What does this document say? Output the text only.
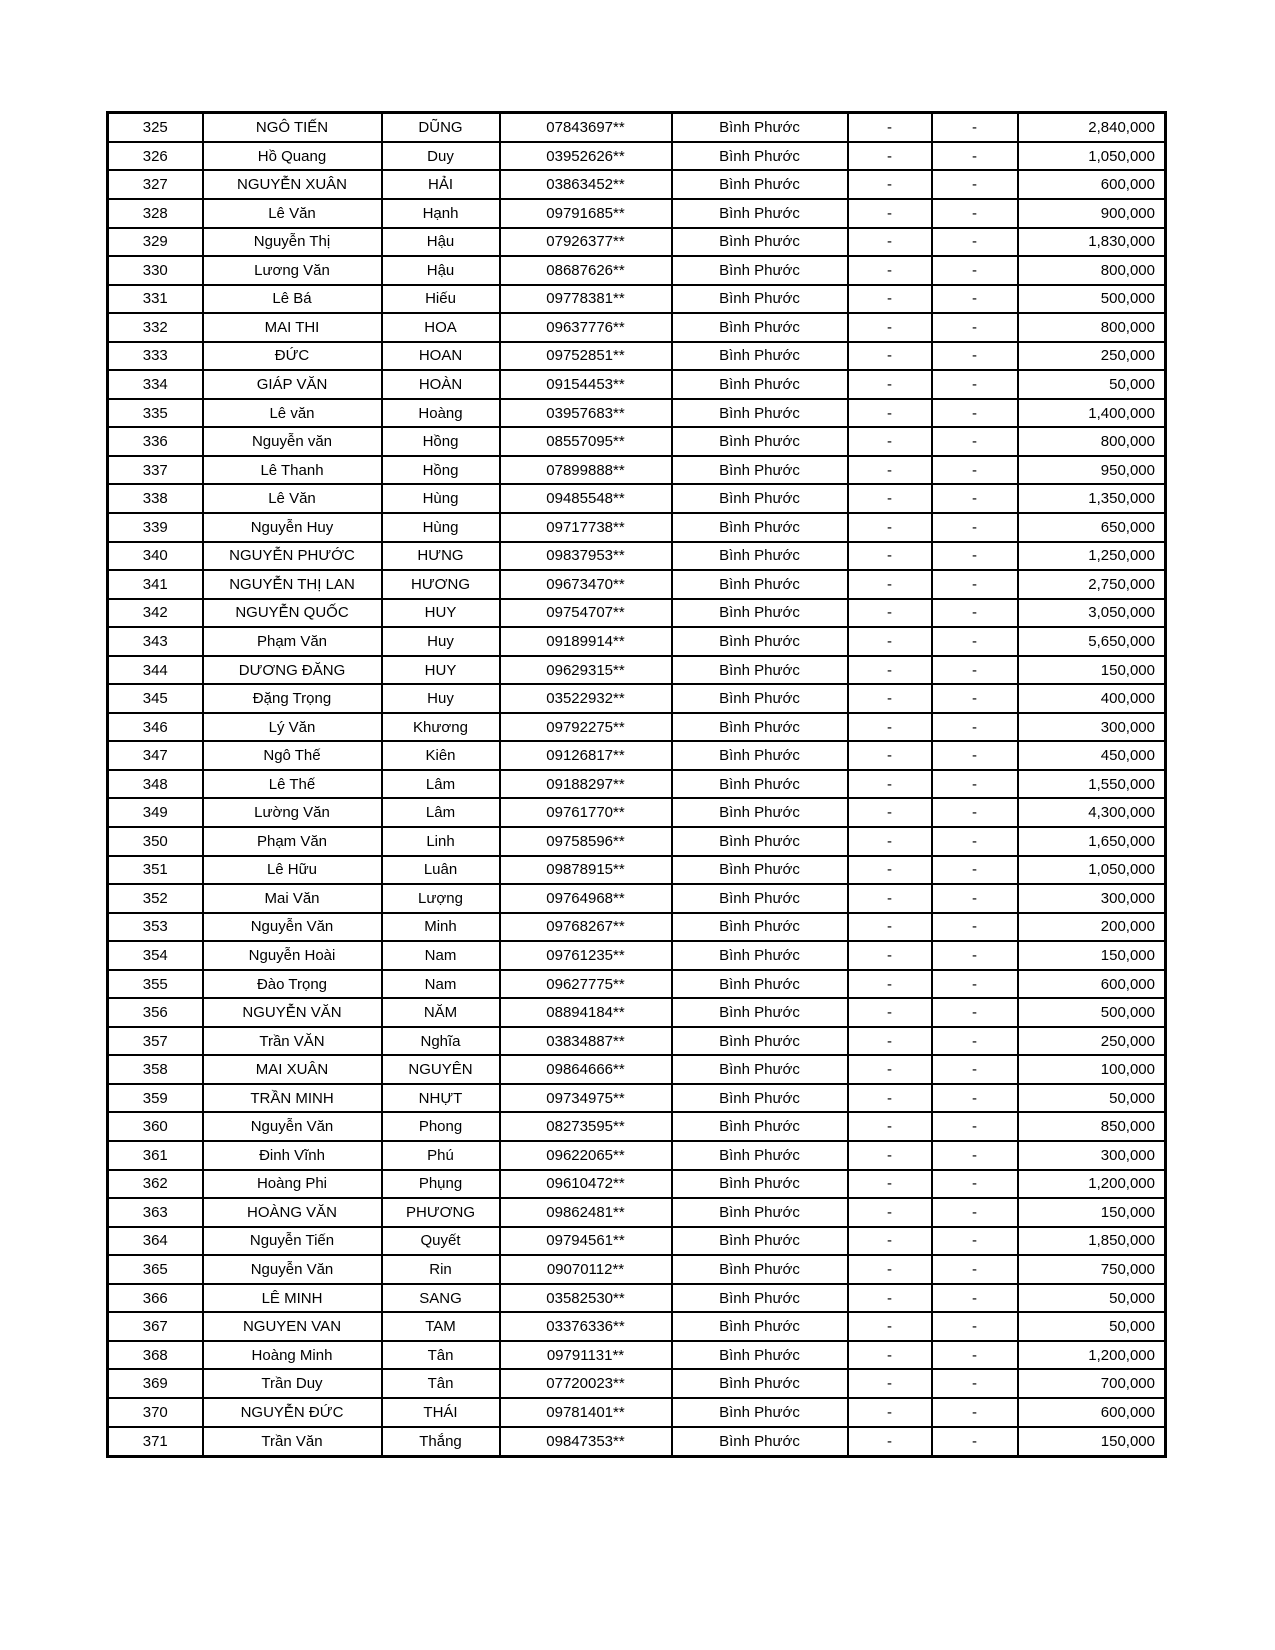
325	NGÔ TIẾN	DŨNG	07843697**	Bình Phước	-	-	2,840,000
326	Hồ Quang	Duy	03952626**	Bình Phước	-	-	1,050,000
327	NGUYỄN XUÂN	HẢI	03863452**	Bình Phước	-	-	600,000
328	Lê Văn	Hạnh	09791685**	Bình Phước	-	-	900,000
329	Nguyễn Thị	Hậu	07926377**	Bình Phước	-	-	1,830,000
330	Lương Văn	Hậu	08687626**	Bình Phước	-	-	800,000
331	Lê Bá	Hiếu	09778381**	Bình Phước	-	-	500,000
332	MAI THI	HOA	09637776**	Bình Phước	-	-	800,000
333	ĐỨC	HOAN	09752851**	Bình Phước	-	-	250,000
334	GIÁP VĂN	HOÀN	09154453**	Bình Phước	-	-	50,000
335	Lê văn	Hoàng	03957683**	Bình Phước	-	-	1,400,000
336	Nguyễn văn	Hồng	08557095**	Bình Phước	-	-	800,000
337	Lê Thanh	Hồng	07899888**	Bình Phước	-	-	950,000
338	Lê Văn	Hùng	09485548**	Bình Phước	-	-	1,350,000
339	Nguyễn Huy	Hùng	09717738**	Bình Phước	-	-	650,000
340	NGUYỄN PHƯỚC	HƯNG	09837953**	Bình Phước	-	-	1,250,000
341	NGUYỄN THỊ LAN	HƯƠNG	09673470**	Bình Phước	-	-	2,750,000
342	NGUYỄN QUỐC	HUY	09754707**	Bình Phước	-	-	3,050,000
343	Phạm Văn	Huy	09189914**	Bình Phước	-	-	5,650,000
344	DƯƠNG ĐĂNG	HUY	09629315**	Bình Phước	-	-	150,000
345	Đặng Trọng	Huy	03522932**	Bình Phước	-	-	400,000
346	Lý Văn	Khương	09792275**	Bình Phước	-	-	300,000
347	Ngô Thế	Kiên	09126817**	Bình Phước	-	-	450,000
348	Lê Thế	Lâm	09188297**	Bình Phước	-	-	1,550,000
349	Lường Văn	Lâm	09761770**	Bình Phước	-	-	4,300,000
350	Phạm Văn	Linh	09758596**	Bình Phước	-	-	1,650,000
351	Lê Hữu	Luân	09878915**	Bình Phước	-	-	1,050,000
352	Mai Văn	Lượng	09764968**	Bình Phước	-	-	300,000
353	Nguyễn Văn	Minh	09768267**	Bình Phước	-	-	200,000
354	Nguyễn Hoài	Nam	09761235**	Bình Phước	-	-	150,000
355	Đào Trọng	Nam	09627775**	Bình Phước	-	-	600,000
356	NGUYỄN VĂN	NĂM	08894184**	Bình Phước	-	-	500,000
357	Trần VĂN	Nghĩa	03834887**	Bình Phước	-	-	250,000
358	MAI XUÂN	NGUYÊN	09864666**	Bình Phước	-	-	100,000
359	TRẦN MINH	NHỰT	09734975**	Bình Phước	-	-	50,000
360	Nguyễn Văn	Phong	08273595**	Bình Phước	-	-	850,000
361	Đinh Vĩnh	Phú	09622065**	Bình Phước	-	-	300,000
362	Hoàng Phi	Phụng	09610472**	Bình Phước	-	-	1,200,000
363	HOÀNG VĂN	PHƯƠNG	09862481**	Bình Phước	-	-	150,000
364	Nguyễn Tiến	Quyết	09794561**	Bình Phước	-	-	1,850,000
365	Nguyễn Văn	Rin	09070112**	Bình Phước	-	-	750,000
366	LÊ MINH	SANG	03582530**	Bình Phước	-	-	50,000
367	NGUYEN VAN	TAM	03376336**	Bình Phước	-	-	50,000
368	Hoàng Minh	Tân	09791131**	Bình Phước	-	-	1,200,000
369	Trần Duy	Tân	07720023**	Bình Phước	-	-	700,000
370	NGUYỄN ĐỨC	THÁI	09781401**	Bình Phước	-	-	600,000
371	Trần Văn	Thắng	09847353**	Bình Phước	-	-	150,000
